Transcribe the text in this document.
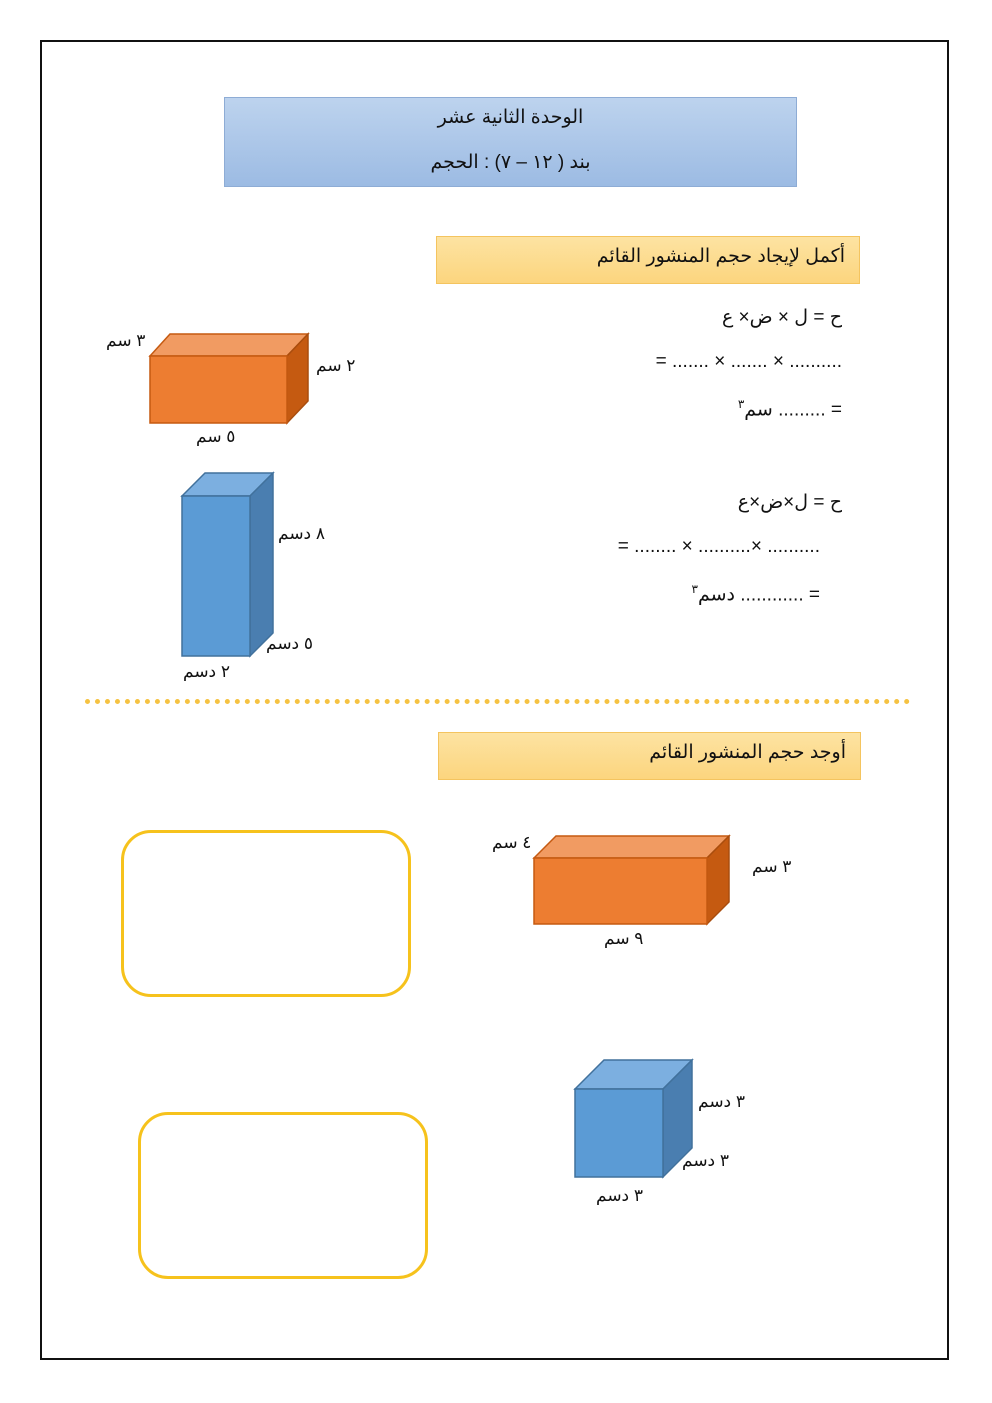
الوحدة الثانية عشر
بند ( ١٢ – ٧) : الحجم
أكمل لإيجاد حجم المنشور القائم
٣ سم
٢ سم
٥ سم
ح = ل × ض× ع
= ....... × ....... × ..........
= ......... سم$^٣$
٨ دسم
٥ دسم
٢ دسم
ح = ل×ض×ع
= ........ × ..........× ..........
= ............ دسم$^٣$
أوجد حجم المنشور القائم
٤ سم
٣ سم
٩ سم
٣ دسم
٣ دسم
٣ دسم
